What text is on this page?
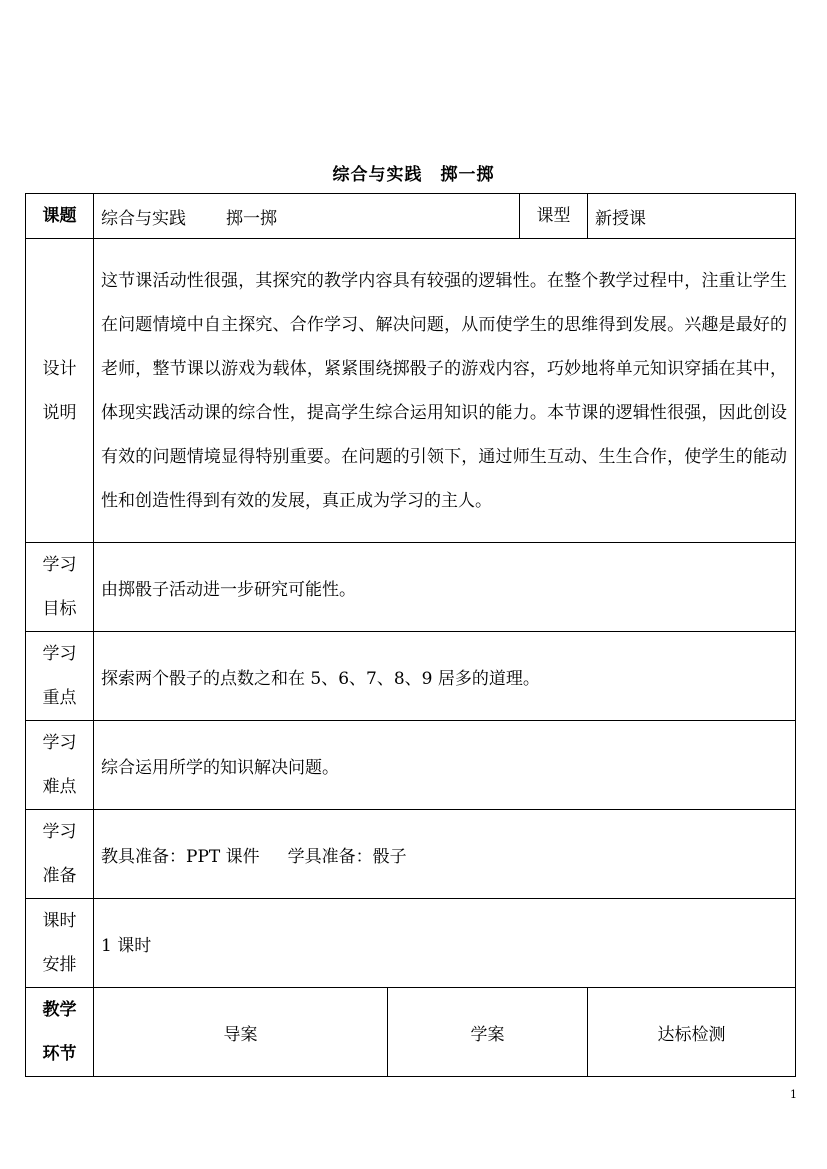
综合与实践　掷一掷
课题	综合与实践 掷一掷		课型	新授课

设计
说明	这节课活动性很强，其探究的教学内容具有较强的逻辑性。在整个教学过程中，注重让学生在问题情境中自主探究、合作学习、解决问题，从而使学生的思维得到发展。兴趣是最好的老师，整节课以游戏为载体，紧紧围绕掷骰子的游戏内容，巧妙地将单元知识穿插在其中，体现实践活动课的综合性，提高学生综合运用知识的能力。本节课的逻辑性很强，因此创设有效的问题情境显得特别重要。在问题的引领下，通过师生互动、生生合作，使学生的能动性和创造性得到有效的发展，真正成为学习的主人。			

学习
目标	由掷骰子活动进一步研究可能性。			

学习
重点	探索两个骰子的点数之和在 5、6、7、8、9 居多的道理。			

学习
难点	综合运用所学的知识解决问题。			

学习
准备	教具准备：PPT 课件 学具准备：骰子			

课时
安排	1 课时			

教学
环节	导案	学案		达标检测
1
